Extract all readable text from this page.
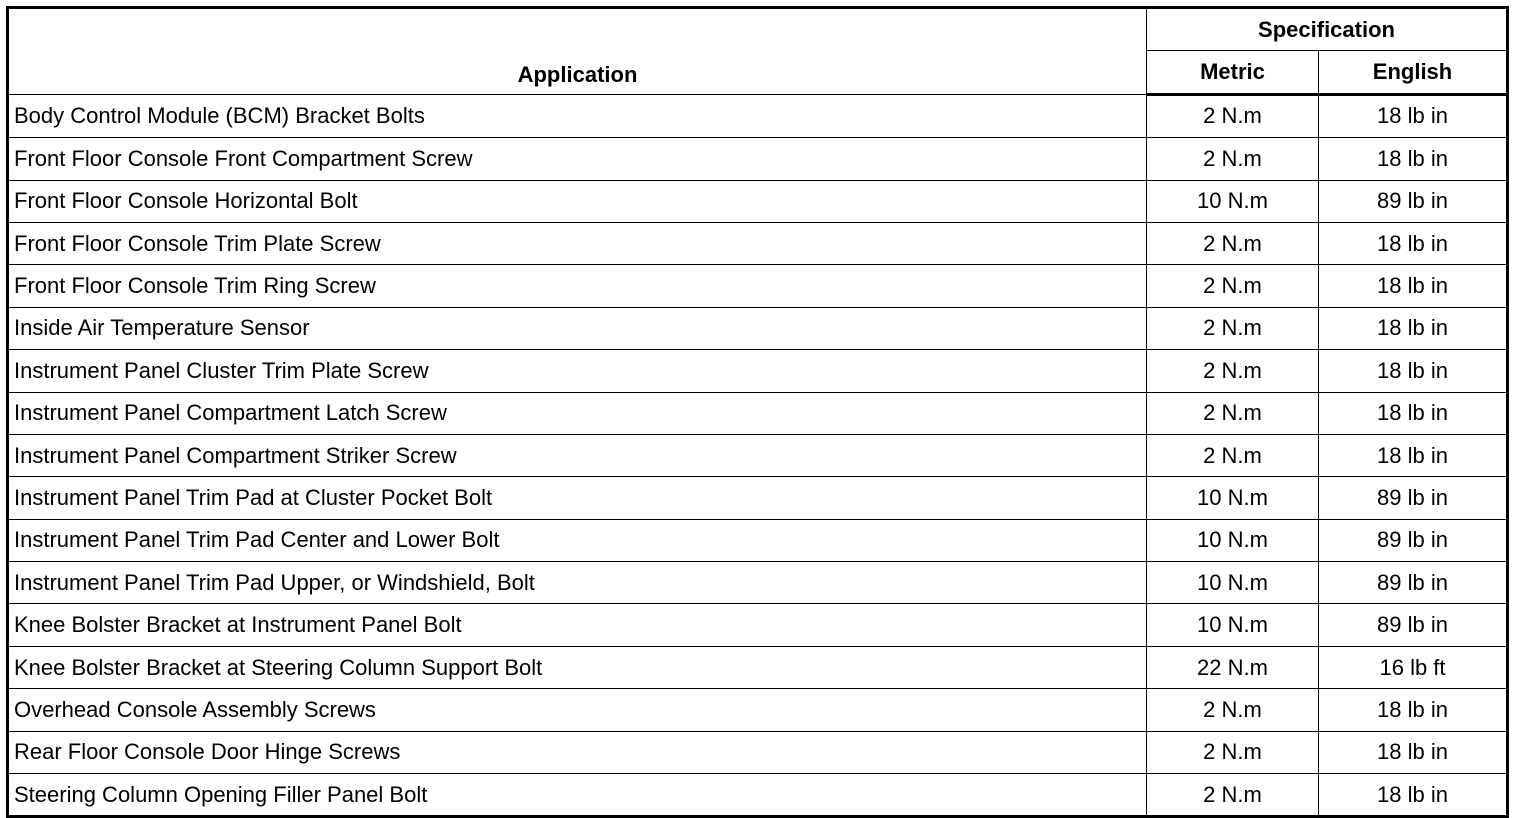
Application	Specification	
	Metric	English
Body Control Module (BCM) Bracket Bolts	2 N.m	18 lb in
Front Floor Console Front Compartment Screw	2 N.m	18 lb in
Front Floor Console Horizontal Bolt	10 N.m	89 lb in
Front Floor Console Trim Plate Screw	2 N.m	18 lb in
Front Floor Console Trim Ring Screw	2 N.m	18 lb in
Inside Air Temperature Sensor	2 N.m	18 lb in
Instrument Panel Cluster Trim Plate Screw	2 N.m	18 lb in
Instrument Panel Compartment Latch Screw	2 N.m	18 lb in
Instrument Panel Compartment Striker Screw	2 N.m	18 lb in
Instrument Panel Trim Pad at Cluster Pocket Bolt	10 N.m	89 lb in
Instrument Panel Trim Pad Center and Lower Bolt	10 N.m	89 lb in
Instrument Panel Trim Pad Upper, or Windshield, Bolt	10 N.m	89 lb in
Knee Bolster Bracket at Instrument Panel Bolt	10 N.m	89 lb in
Knee Bolster Bracket at Steering Column Support Bolt	22 N.m	16 lb ft
Overhead Console Assembly Screws	2 N.m	18 lb in
Rear Floor Console Door Hinge Screws	2 N.m	18 lb in
Steering Column Opening Filler Panel Bolt	2 N.m	18 lb in
